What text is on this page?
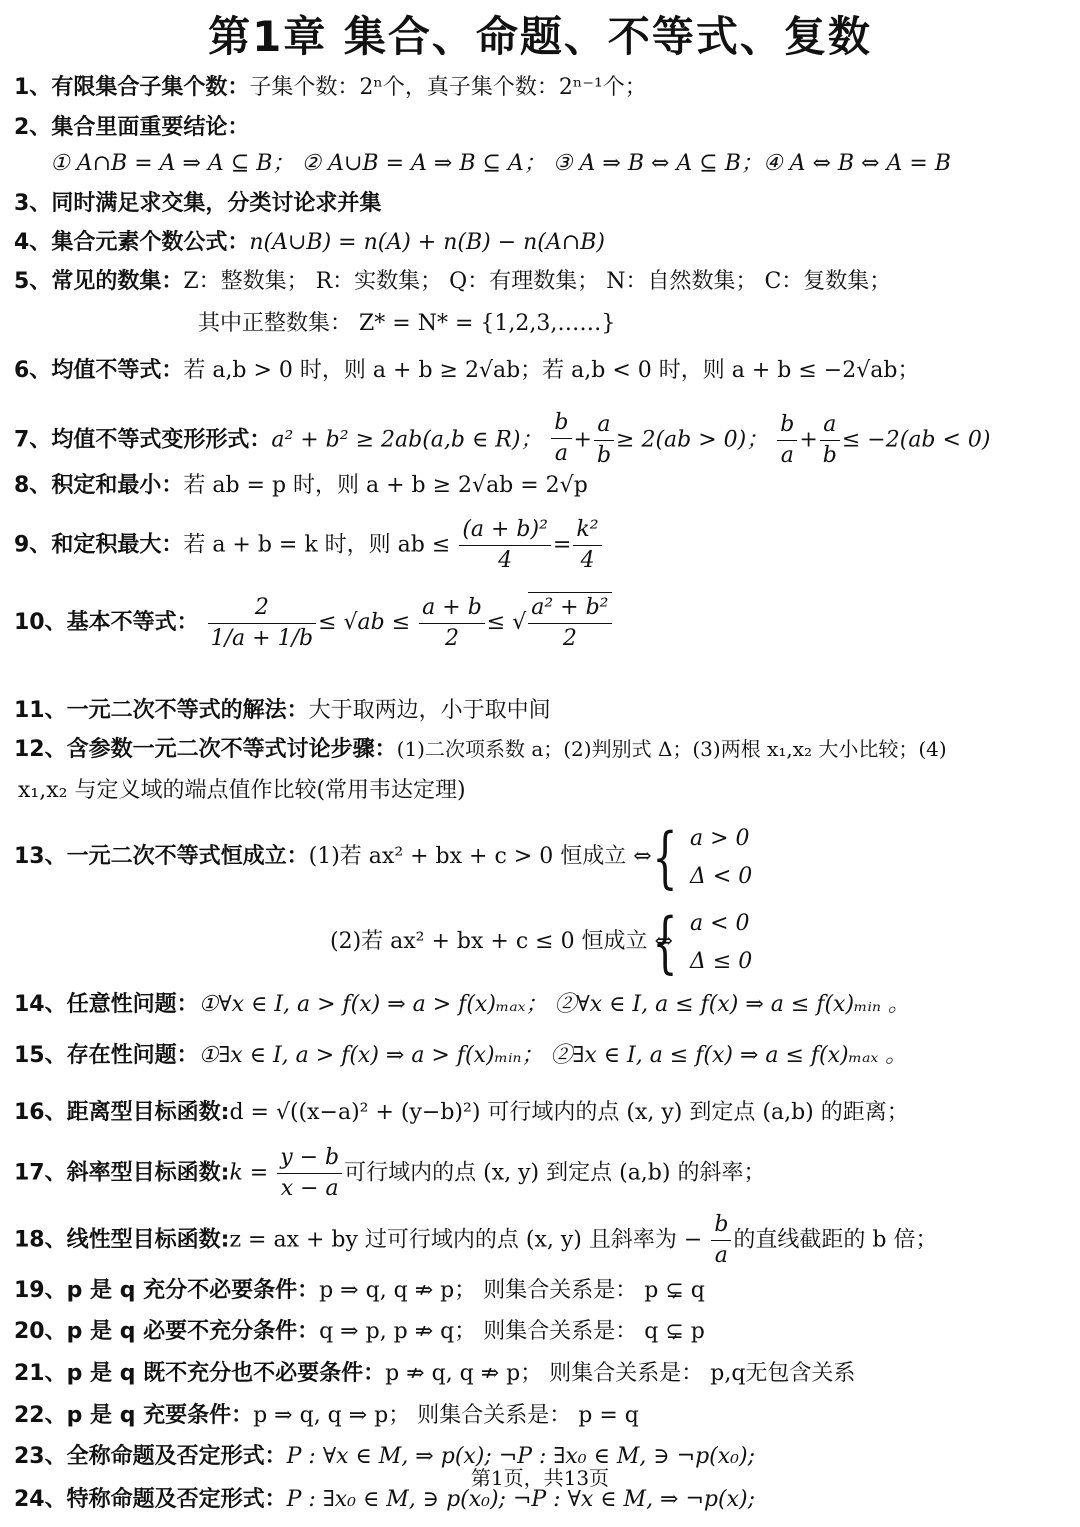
第1章 集合、命题、不等式、复数
1、有限集合子集个数：子集个数：2ⁿ个，真子集个数：2ⁿ⁻¹个；
2、集合里面重要结论：
① A∩B = A ⇒ A ⊆ B； ② A∪B = A ⇒ B ⊆ A； ③ A ⇒ B ⇔ A ⊆ B；④ A ⇔ B ⇔ A = B
3、同时满足求交集，分类讨论求并集
4、集合元素个数公式：n(A∪B) = n(A) + n(B) − n(A∩B)
5、常见的数集：Z：整数集； R：实数集； Q：有理数集； N：自然数集； C：复数集；
其中正整数集： Z* = N* = {1,2,3,……}
6、均值不等式：若 a,b > 0 时，则 a + b ≥ 2√ab；若 a,b < 0 时，则 a + b ≤ −2√ab；
7、均值不等式变形形式：a² + b² ≥ 2ab(a,b ∈ R)； $\frac{b}{a} + \frac{a}{b} \ge 2(ab > 0)$； $\frac{b}{a} + \frac{a}{b} \le -2(ab < 0)$
8、积定和最小：若 ab = p 时，则 a + b ≥ 2√ab = 2√p
9、和定积最大：若 a + b = k 时，则 ab ≤ $\frac{\text{(a + b)²}}{4} = \frac{\text{k²}}{4}$
10、基本不等式： $\frac{2}{1/a + 1/b} \le √ab \le \frac{a + b}{2}$ ≤ √ $\frac{\text{a² + b²}}{2}$
11、一元二次不等式的解法：大于取两边，小于取中间
12、含参数一元二次不等式讨论步骤：(1)二次项系数 a；(2)判别式 Δ；(3)两根 x₁,x₂ 大小比较；(4)
x₁,x₂ 与定义域的端点值作比较(常用韦达定理)
13、一元二次不等式恒成立：(1)若 ax² + bx + c > 0 恒成立 ⇔ { a > 0
Δ < 0
(2)若 ax² + bx + c ≤ 0 恒成立 ⇔
{ a < 0
Δ ≤ 0
14、任意性问题：①∀x ∈ I, a > f(x) ⇒ a > f(x)ₘₐₓ； ②∀x ∈ I, a ≤ f(x) ⇒ a ≤ f(x)ₘᵢₙ 。
15、存在性问题：①∃x ∈ I, a > f(x) ⇒ a > f(x)ₘᵢₙ； ②∃x ∈ I, a ≤ f(x) ⇒ a ≤ f(x)ₘₐₓ 。
16、距离型目标函数:d = √((x−a)² + (y−b)²) 可行域内的点 (x, y) 到定点 (a,b) 的距离；
17、斜率型目标函数:k = $\frac{y - b}{x - a}$ 可行域内的点 (x, y) 到定点 (a,b) 的斜率；
18、线性型目标函数:z = ax + by 过可行域内的点 (x, y) 且斜率为 − $\frac{b}{a}$ 的直线截距的 b 倍；
19、p 是 q 充分不必要条件：p ⇒ q, q ⇏ p； 则集合关系是： p ⊊ q
20、p 是 q 必要不充分条件：q ⇒ p, p ⇏ q； 则集合关系是： q ⊊ p
21、p 是 q 既不充分也不必要条件：p ⇏ q, q ⇏ p； 则集合关系是： p,q无包含关系
22、p 是 q 充要条件：p ⇒ q, q ⇒ p； 则集合关系是： p = q
23、全称命题及否定形式：P : ∀x ∈ M, ⇒ p(x); ¬P : ∃x₀ ∈ M, ∋ ¬p(x₀);
第1页，共13页
24、特称命题及否定形式：P : ∃x₀ ∈ M, ∋ p(x₀); ¬P : ∀x ∈ M, ⇒ ¬p(x);
